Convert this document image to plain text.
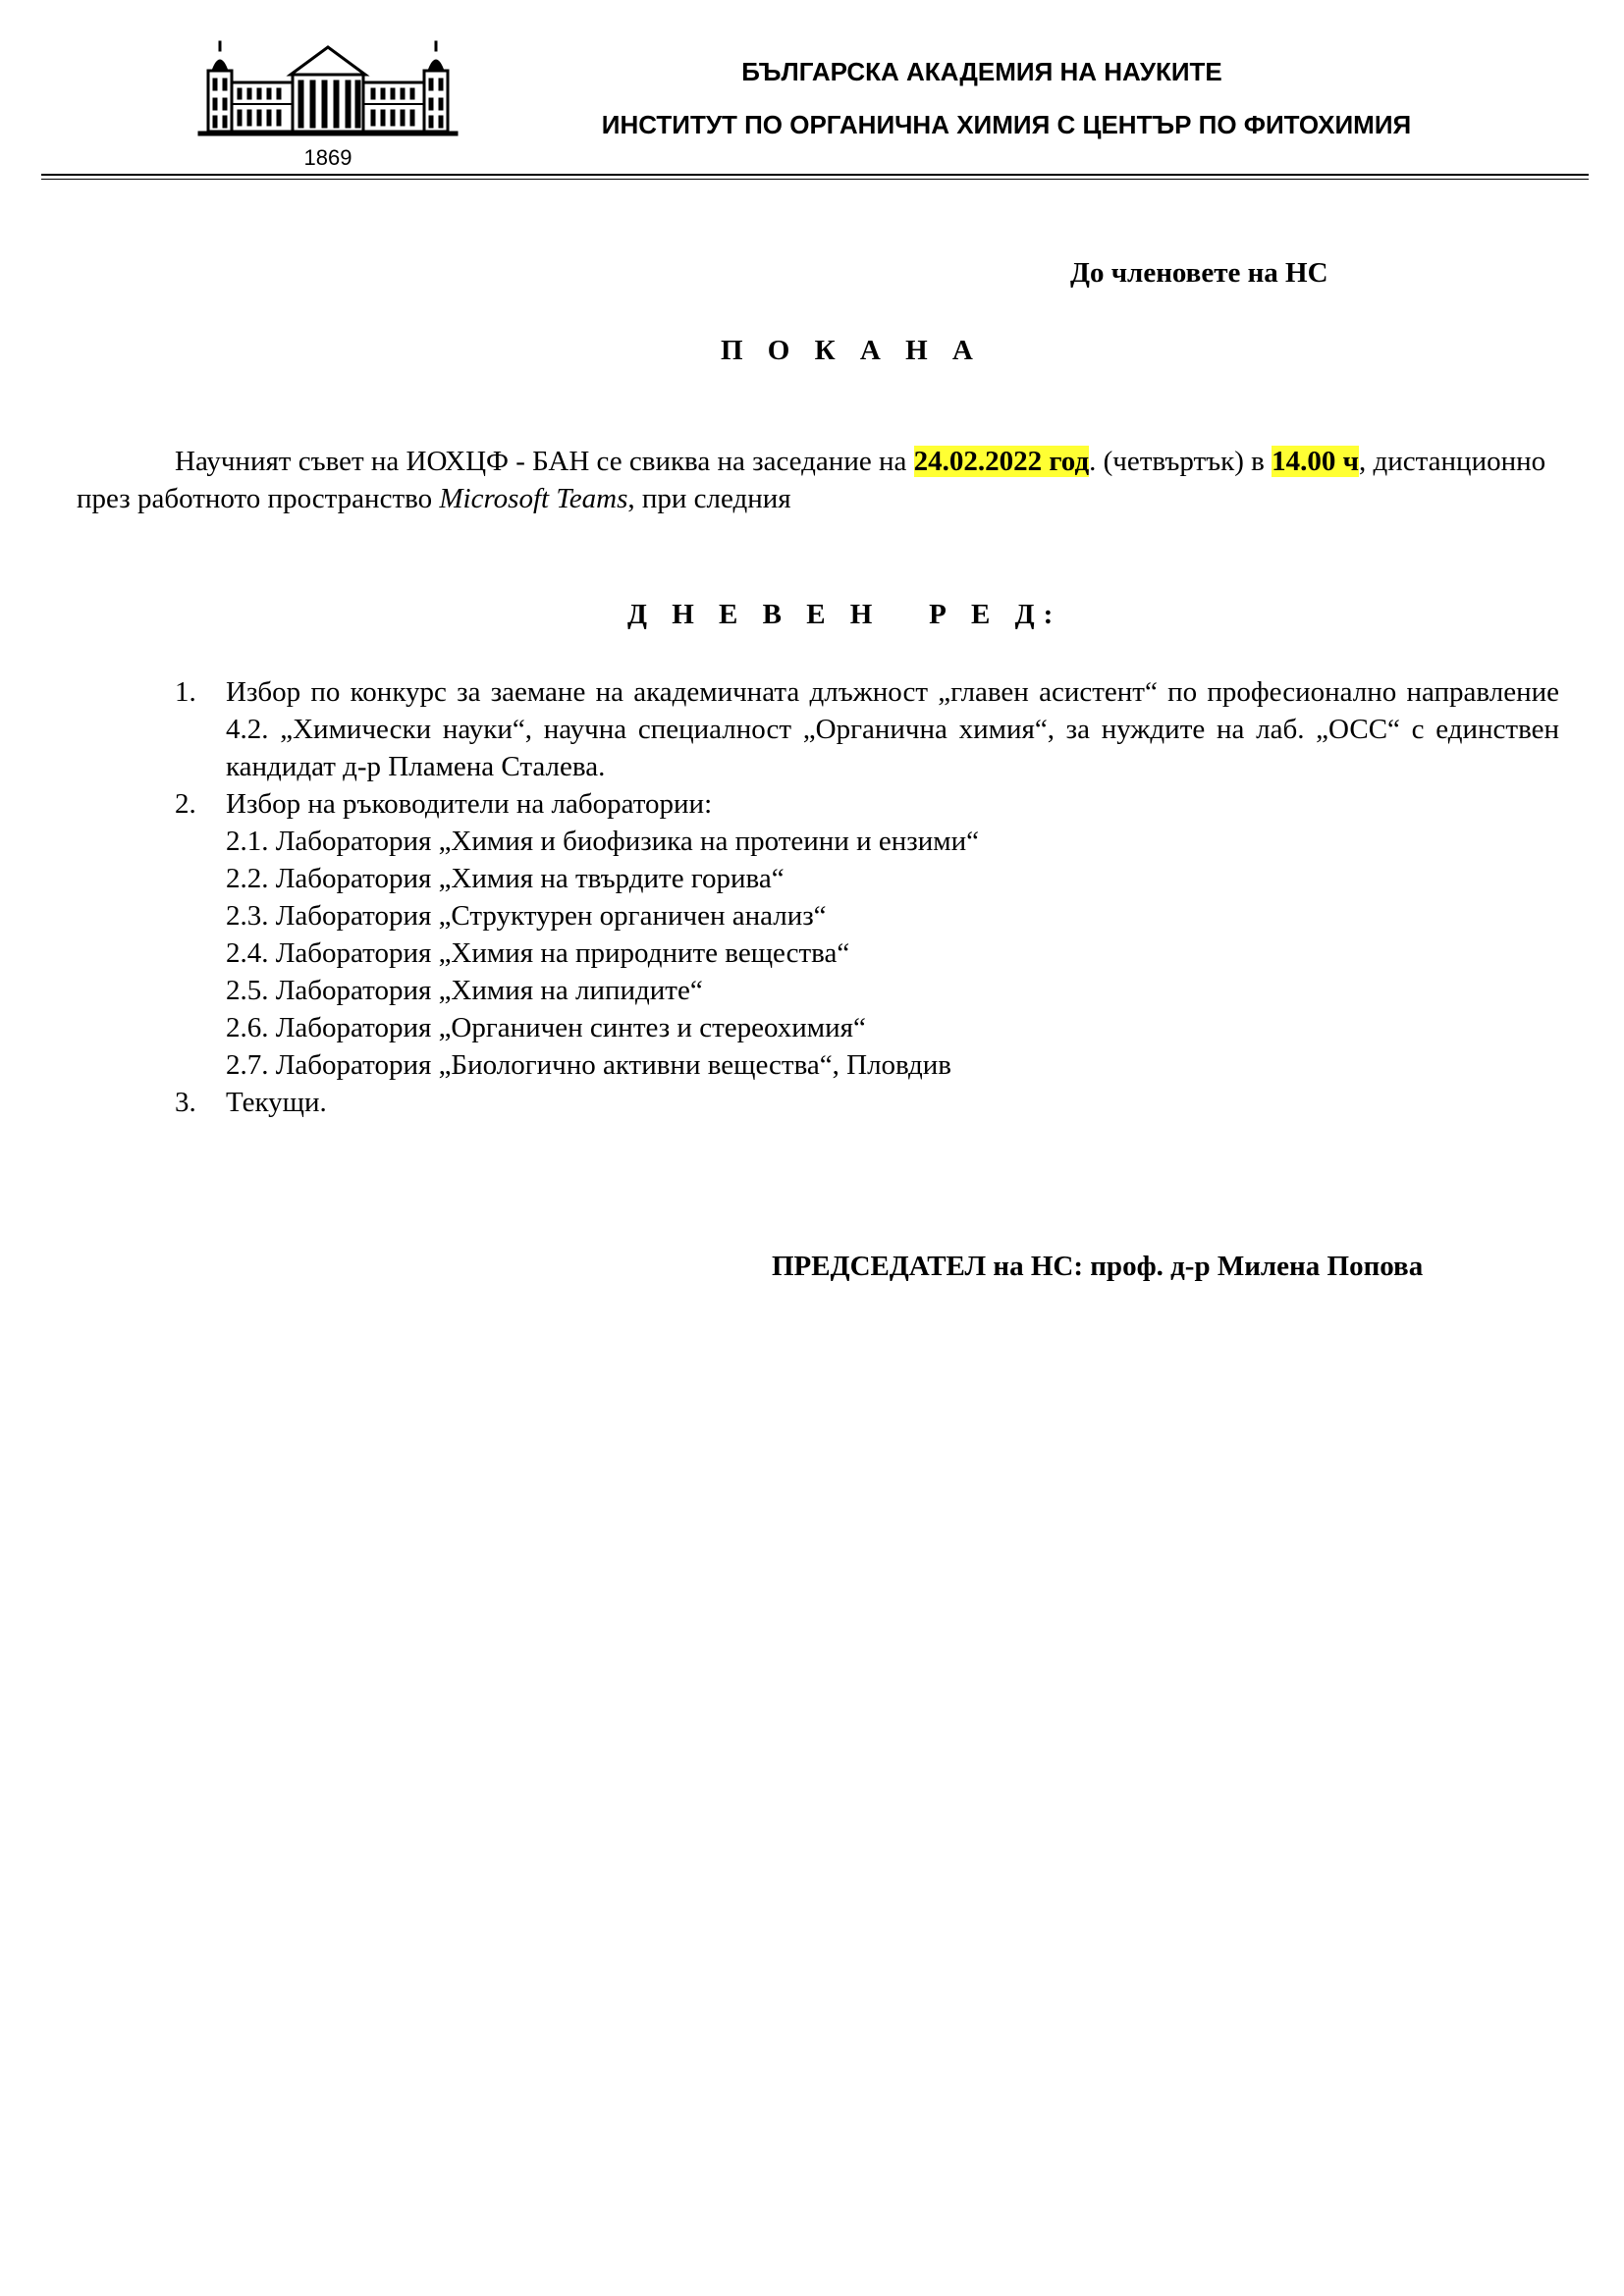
1869
БЪЛГАРСКА АКАДЕМИЯ НА НАУКИТЕ
ИНСТИТУТ ПО ОРГАНИЧНА ХИМИЯ С ЦЕНТЪР ПО ФИТОХИМИЯ
До членовете на НС
П О К А Н А
Научният съвет на ИОХЦФ - БАН се свиква на заседание на 24.02.2022 год. (четвъртък) в 14.00 ч, дистанционно през работното пространство Microsoft Teams, при следния
Д Н Е В Е Н   Р Е Д:
1.	Избор по конкурс за заемане на академичната длъжност „главен асистент“ по професионално направление 4.2. „Химически науки“, научна специалност „Органична химия“, за нуждите на лаб. „ОСС“ с единствен кандидат д-р Пламена Сталева.
2.	Избор на ръководители на лаборатории:
2.1. Лаборатория „Химия и биофизика на протеини и ензими“
2.2. Лаборатория „Химия на твърдите горива“
2.3. Лаборатория „Структурен органичен анализ“
2.4. Лаборатория „Химия на природните вещества“
2.5. Лаборатория „Химия на липидите“
2.6. Лаборатория „Органичен синтез и стереохимия“
2.7. Лаборатория „Биологично активни вещества“, Пловдив
3.	Текущи.
ПРЕДСЕДАТЕЛ на НС: проф. д-р Милена Попова
